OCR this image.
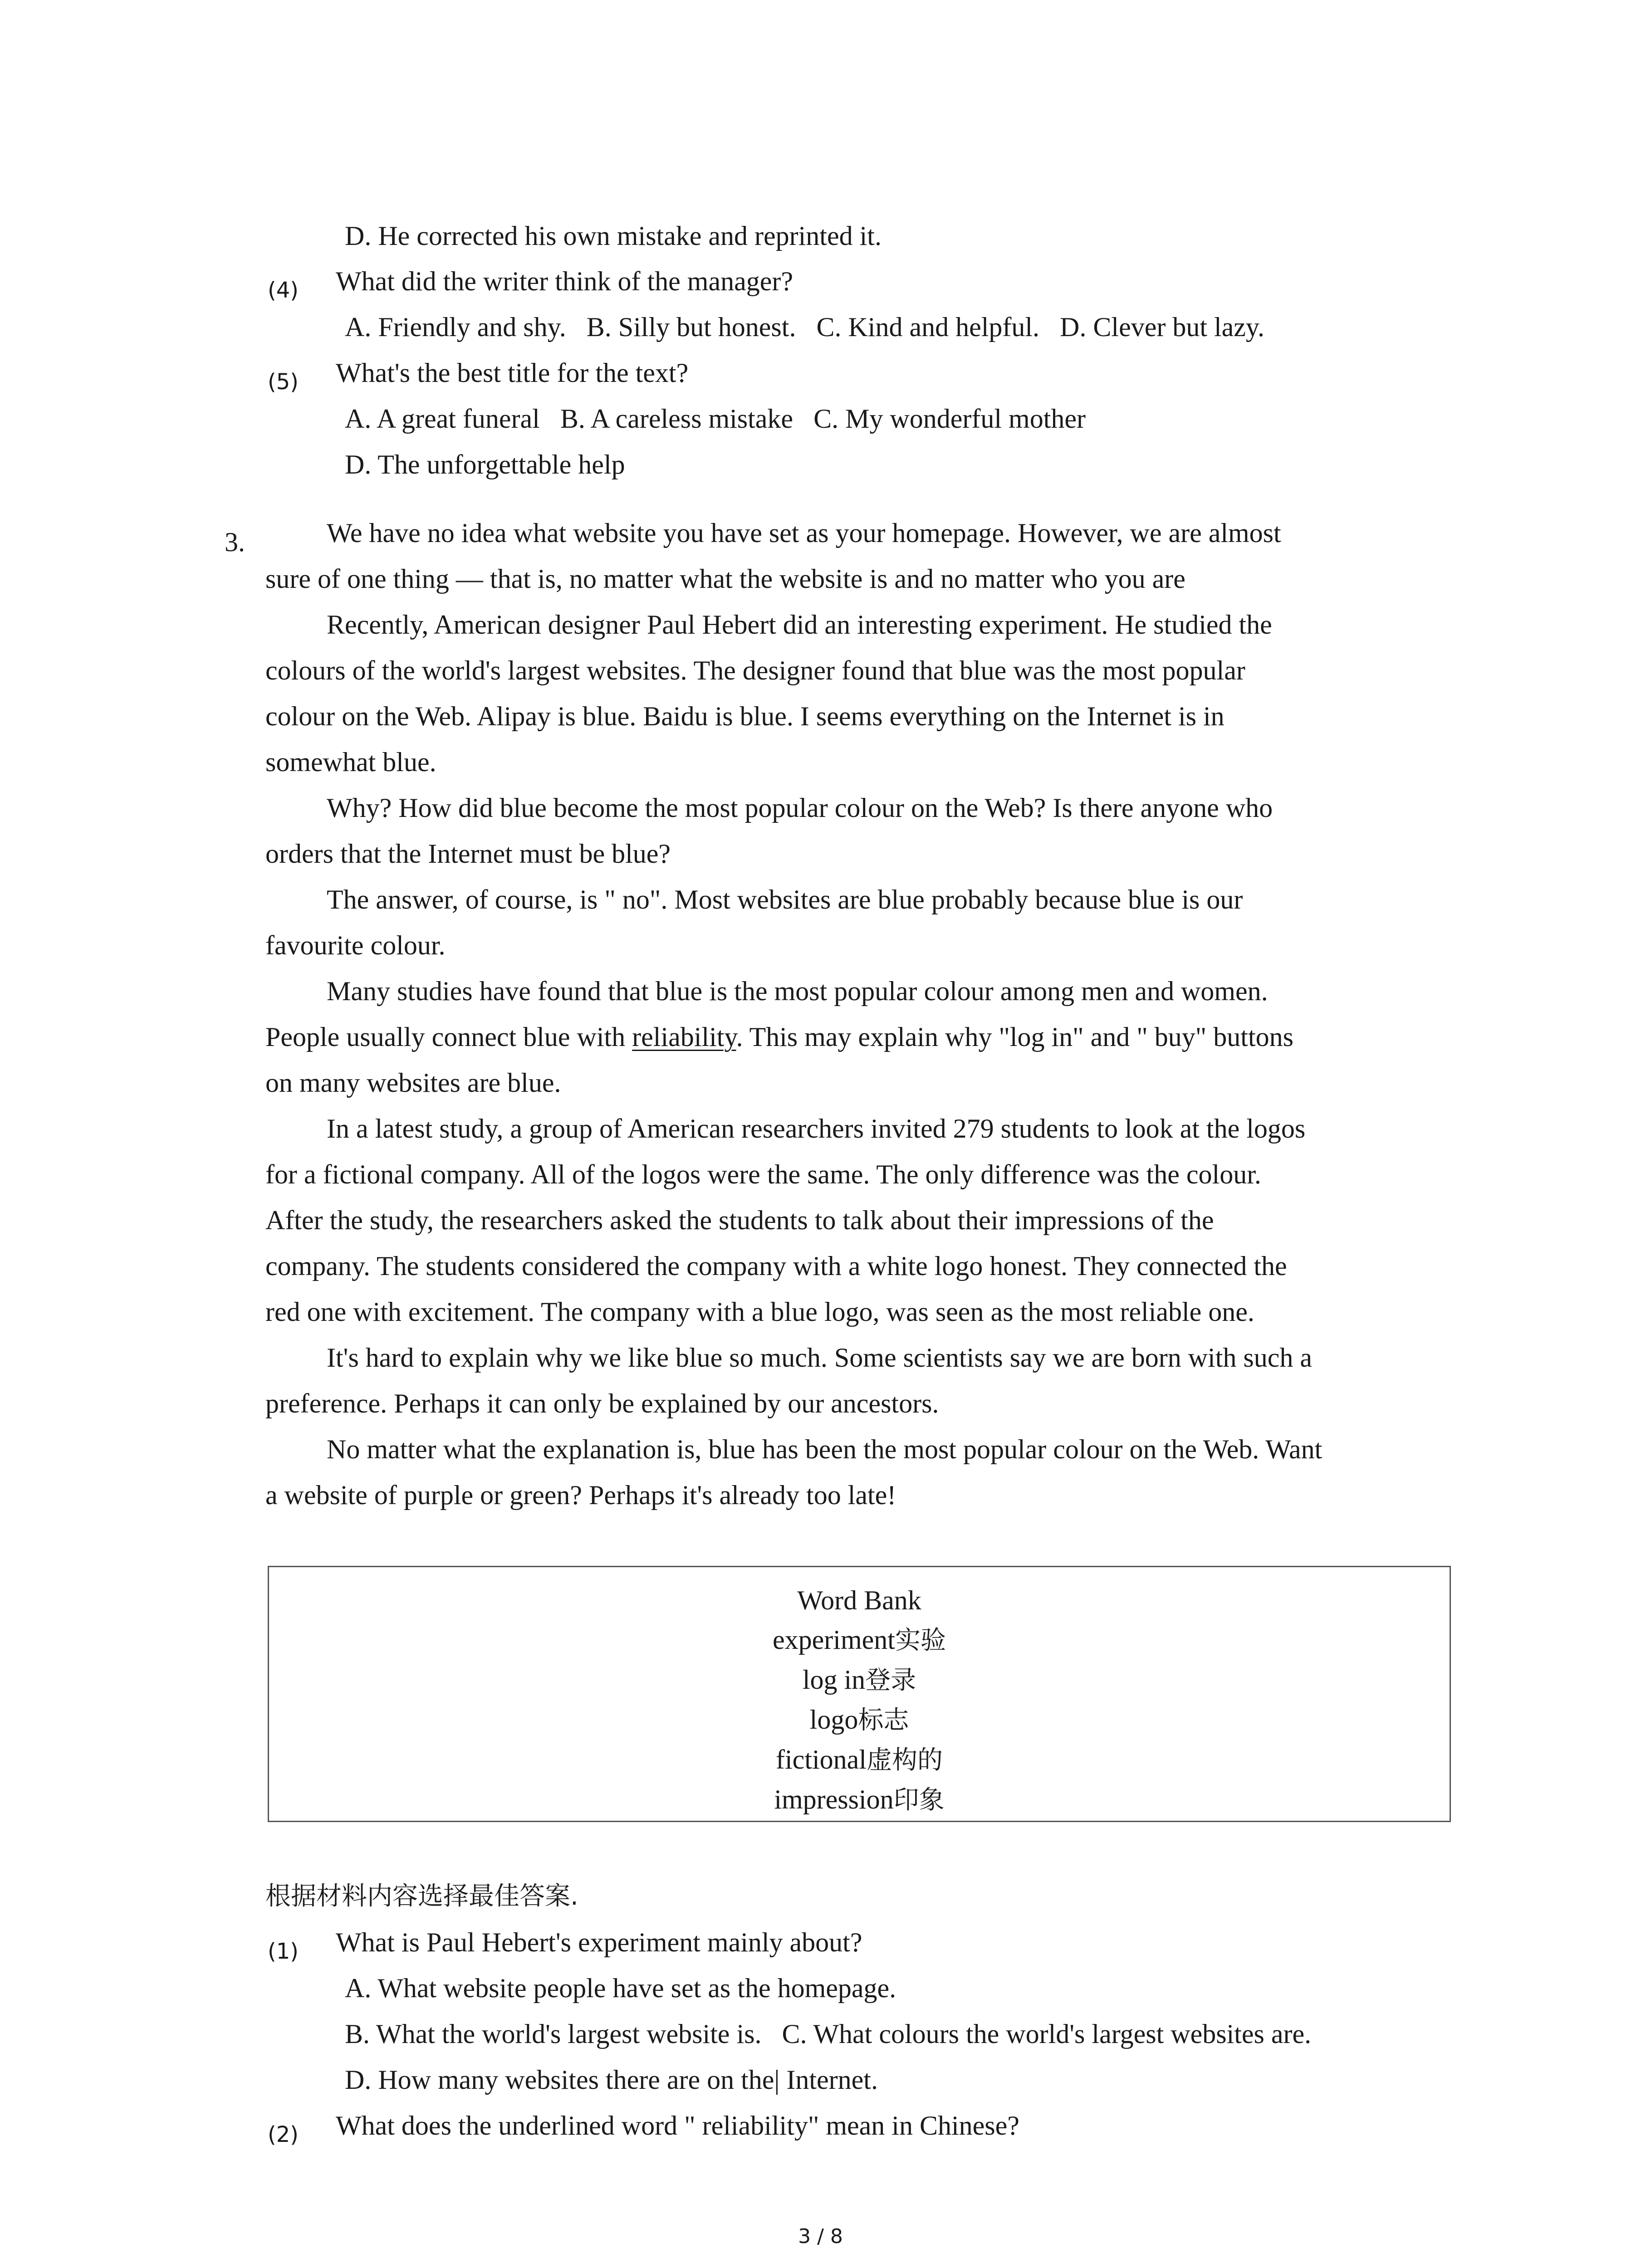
D. He corrected his own mistake and reprinted it.
(4) What did the writer think of the manager?
A. Friendly and shy.   B. Silly but honest.   C. Kind and helpful.   D. Clever but lazy.
(5) What's the best title for the text?
A. A great funeral   B. A careless mistake   C. My wonderful mother
D. The unforgettable help
3.	We have no idea what website you have set as your homepage. However, we are almost
sure of one thing — that is, no matter what the website is and no matter who you are
Recently, American designer Paul Hebert did an interesting experiment. He studied the
colours of the world's largest websites. The designer found that blue was the most popular
colour on the Web. Alipay is blue. Baidu is blue. I seems everything on the Internet is in
somewhat blue.
Why? How did blue become the most popular colour on the Web? Is there anyone who
orders that the Internet must be blue?
The answer, of course, is " no". Most websites are blue probably because blue is our
favourite colour.
Many studies have found that blue is the most popular colour among men and women.
People usually connect blue with reliability. This may explain why "log in" and " buy" buttons
on many websites are blue.
In a latest study, a group of American researchers invited 279 students to look at the logos
for a fictional company. All of the logos were the same. The only difference was the colour.
After the study, the researchers asked the students to talk about their impressions of the
company. The students considered the company with a white logo honest. They connected the
red one with excitement. The company with a blue logo, was seen as the most reliable one.
It's hard to explain why we like blue so much. Some scientists say we are born with such a
preference. Perhaps it can only be explained by our ancestors.
No matter what the explanation is, blue has been the most popular colour on the Web. Want
a website of purple or green? Perhaps it's already too late!
Word Bank
experiment实验
log in登录
logo标志
fictional虚构的
impression印象
根据材料内容选择最佳答案.
(1) What is Paul Hebert's experiment mainly about?
A. What website people have set as the homepage.
B. What the world's largest website is.   C. What colours the world's largest websites are.
D. How many websites there are on the| Internet.
(2) What does the underlined word " reliability" mean in Chinese?
3 / 8
